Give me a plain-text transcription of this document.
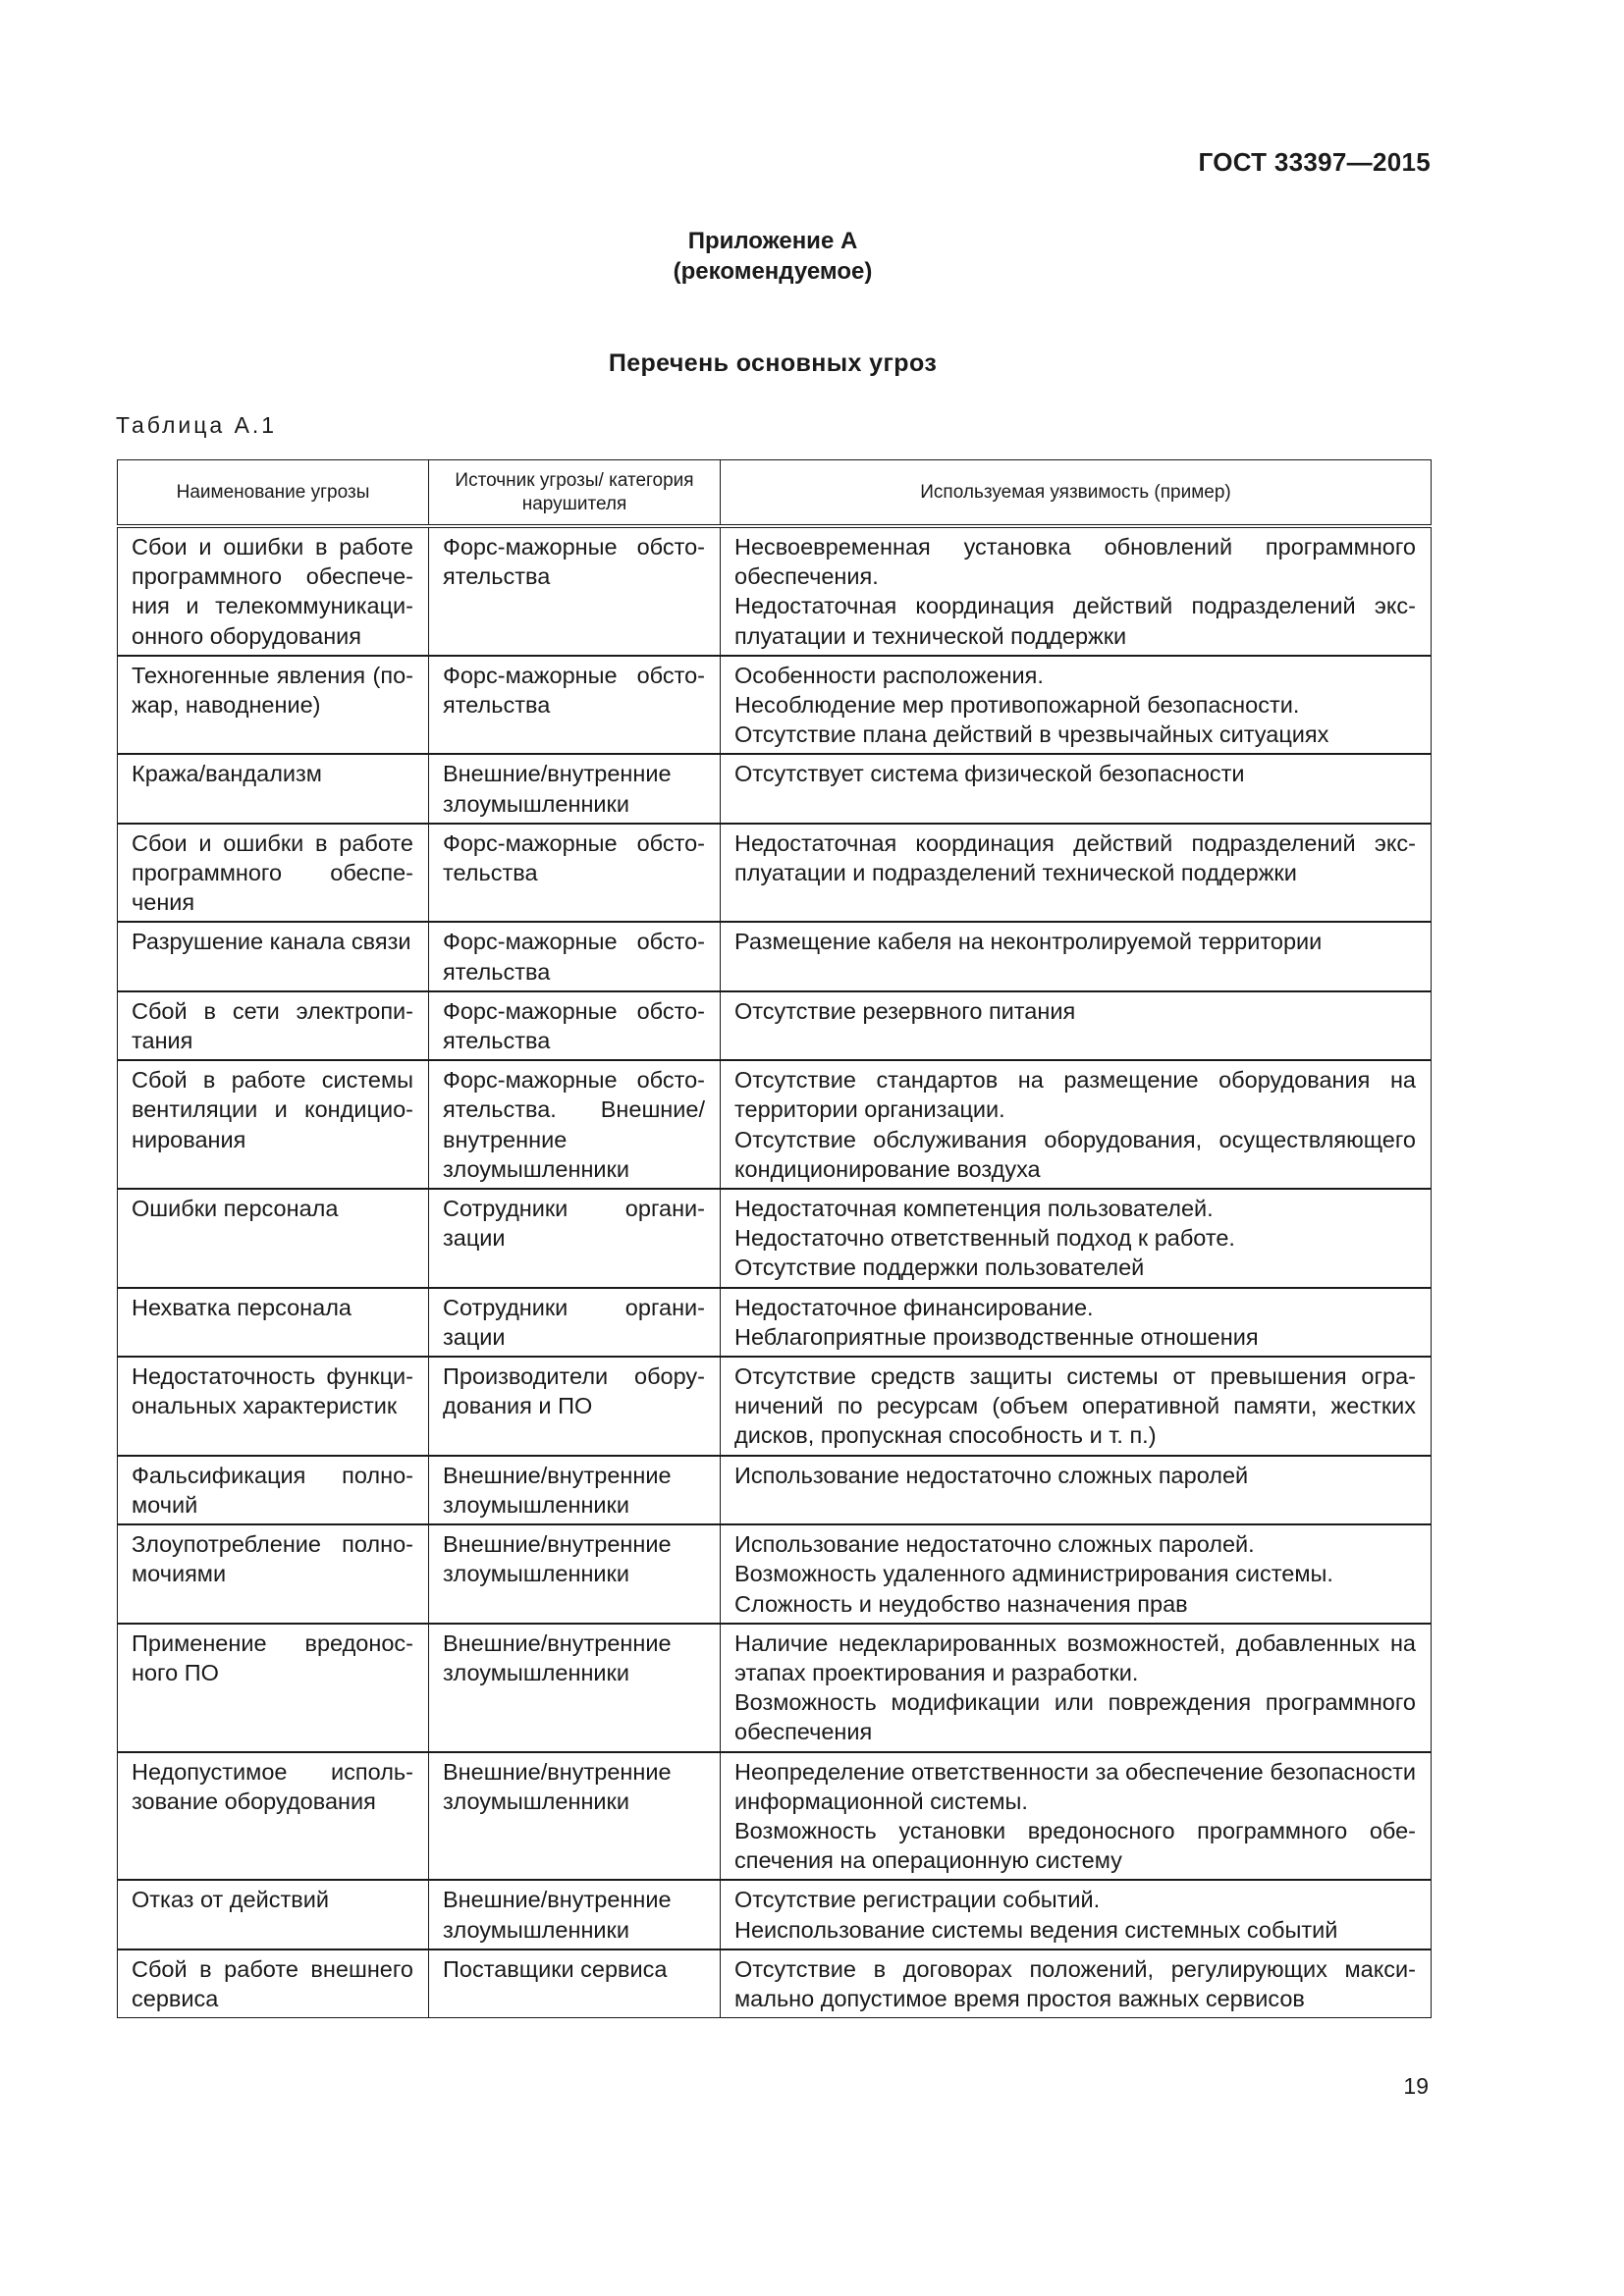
ГОСТ 33397—2015
Приложение А
(рекомендуемое)
Перечень основных угроз
Таблица А.1
Наименование угрозы	Источник угрозы/ категория нарушителя	Используемая уязвимость (пример)
Сбои и ошибки в работе программного обеспечения и телекоммуникационного оборудования	Форс-мажорные обстоятельства	Несвоевременная установка обновлений программного обеспечения.
Недостаточная координация действий подразделений эксплуатации и технической поддержки

Техногенные явления (пожар, наводнение)	Форс-мажорные обстоятельства	Особенности расположения.
Несоблюдение мер противопожарной безопасности.
Отсутствие плана действий в чрезвычайных ситуациях

Кража/вандализм	Внешние/внутренние злоумышленники	Отсутствует система физической безопасности

Сбои и ошибки в работе программного обеспечения	Форс-мажорные обстотельства	Недостаточная координация действий подразделений эксплуатации и подразделений технической поддержки

Разрушение канала связи	Форс-мажорные обстоятельства	Размещение кабеля на неконтролируемой территории

Сбой в сети электропитания	Форс-мажорные обстоятельства	Отсутствие резервного питания

Сбой в работе системы вентиляции и кондиционирования	Форс-мажорные обстоятельства. Внешние/внутренние злоумышленники	Отсутствие стандартов на размещение оборудования на территории организации.
Отсутствие обслуживания оборудования, осуществляющего кондиционирование воздуха

Ошибки персонала	Сотрудники организации	Недостаточная компетенция пользователей.
Недостаточно ответственный подход к работе.
Отсутствие поддержки пользователей

Нехватка персонала	Сотрудники организации	Недостаточное финансирование.
Неблагоприятные производственные отношения

Недостаточность функциональных характеристик	Производители оборудования и ПО	Отсутствие средств защиты системы от превышения ограничений по ресурсам (объем оперативной памяти, жестких дисков, пропускная способность и т. п.)

Фальсификация полномочий	Внешние/внутренние злоумышленники	Использование недостаточно сложных паролей

Злоупотребление полномочиями	Внешние/внутренние злоумышленники	Использование недостаточно сложных паролей.
Возможность удаленного администрирования системы.
Сложность и неудобство назначения прав

Применение вредоносного ПО	Внешние/внутренние злоумышленники	Наличие недекларированных возможностей, добавленных на этапах проектирования и разработки.
Возможность модификации или повреждения программного обеспечения

Недопустимое использование оборудования	Внешние/внутренние злоумышленники	Неопределение ответственности за обеспечение безопасности информационной системы.
Возможность установки вредоносного программного обеспечения на операционную систему

Отказ от действий	Внешние/внутренние злоумышленники	Отсутствие регистрации событий.
Неиспользование системы ведения системных событий

Сбой в работе внешнего сервиса	Поставщики сервиса	Отсутствие в договорах положений, регулирующих максимально допустимое время простоя важных сервисов
19
